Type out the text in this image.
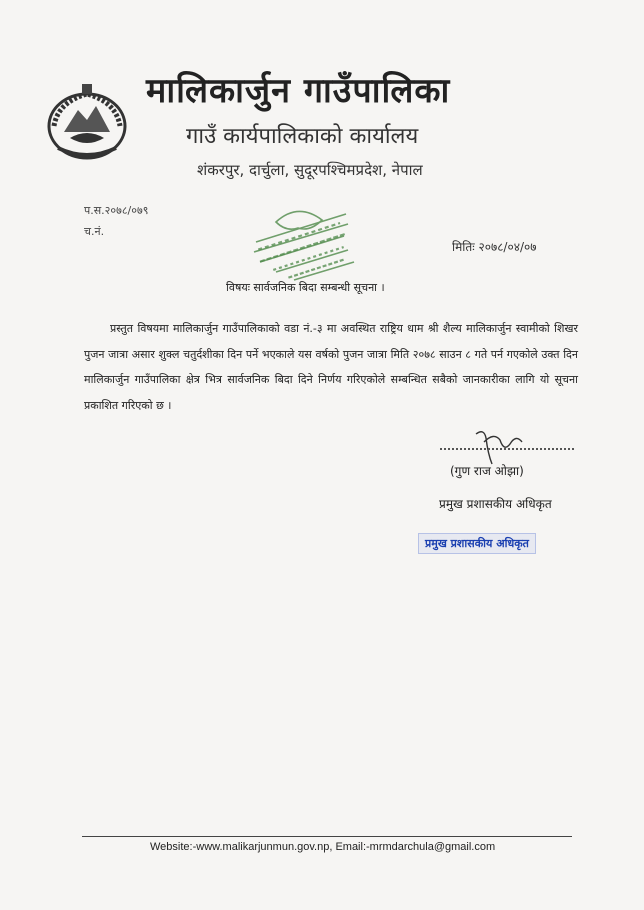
मालिकार्जुन गाउँपालिका
गाउँ कार्यपालिकाको कार्यालय
शंकरपुर, दार्चुला, सुदूरपश्चिमप्रदेश, नेपाल
प.स.२०७८/०७९
च.नं.
मितिः २०७८/०४/०७
विषयः सार्वजनिक बिदा सम्बन्धी सूचना ।

प्रस्तुत विषयमा मालिकार्जुन गाउँपालिकाको वडा नं.-३ मा अवस्थित राष्ट्रिय धाम श्री शैल्य मालिकार्जुन स्वामीको शिखर पुजन जात्रा असार शुक्ल चतुर्दशीका दिन पर्ने भएकाले यस वर्षको पुजन जात्रा मिति २०७८ साउन ८ गते पर्न गएकोले उक्त दिन मालिकार्जुन गाउँपालिका क्षेत्र भित्र सार्वजनिक बिदा दिने निर्णय गरिएकोले सम्बन्धित सबैको जानकारीका लागि यो सूचना प्रकाशित गरिएको छ ।

(गुण राज ओझा)
प्रमुख प्रशासकीय अधिकृत
प्रमुख प्रशासकीय अधिकृत
Website:-www.malikarjunmun.gov.np, Email:-mrmdarchula@gmail.com
